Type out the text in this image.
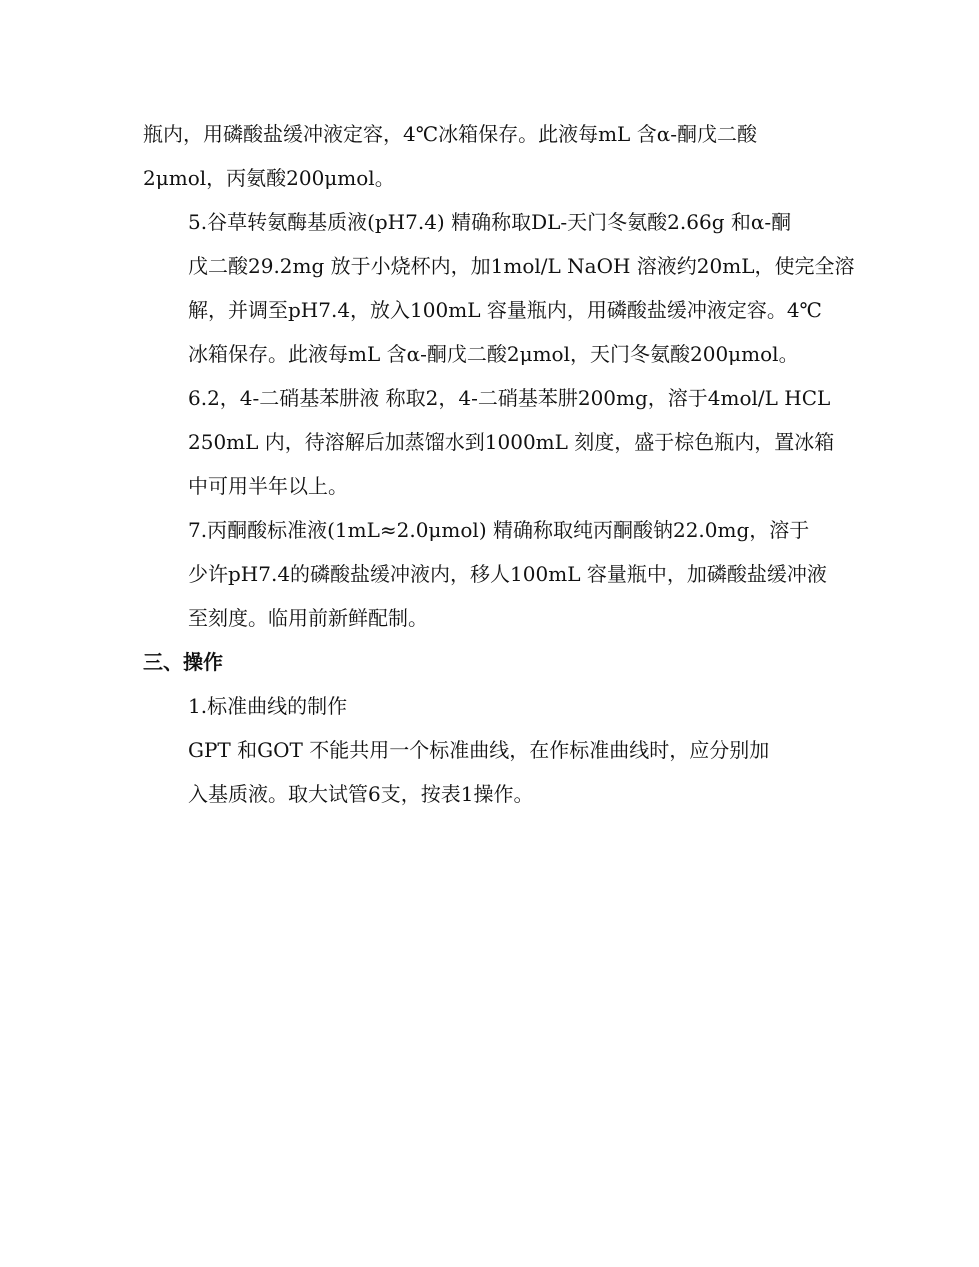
瓶内，用磷酸盐缓冲液定容，4℃冰箱保存。此液每mL 含α-酮戊二酸
2μmol，丙氨酸200μmol。

5.谷草转氨酶基质液(pH7.4) 精确称取DL-天门冬氨酸2.66g 和α-酮
戊二酸29.2mg 放于小烧杯内，加1mol/L NaOH 溶液约20mL，使完全溶
解，并调至pH7.4，放入100mL 容量瓶内，用磷酸盐缓冲液定容。4℃
冰箱保存。此液每mL 含α-酮戊二酸2μmol，天门冬氨酸200μmol。

6.2，4-二硝基苯肼液 称取2，4-二硝基苯肼200mg，溶于4mol/L HCL
250mL 内，待溶解后加蒸馏水到1000mL 刻度，盛于棕色瓶内，置冰箱
中可用半年以上。

7.丙酮酸标准液(1mL≈2.0μmol) 精确称取纯丙酮酸钠22.0mg，溶于
少许pH7.4的磷酸盐缓冲液内，移人100mL 容量瓶中，加磷酸盐缓冲液
至刻度。临用前新鲜配制。

三、操作

1.标准曲线的制作

GPT 和GOT 不能共用一个标准曲线，在作标准曲线时，应分别加
入基质液。取大试管6支，按表1操作。
